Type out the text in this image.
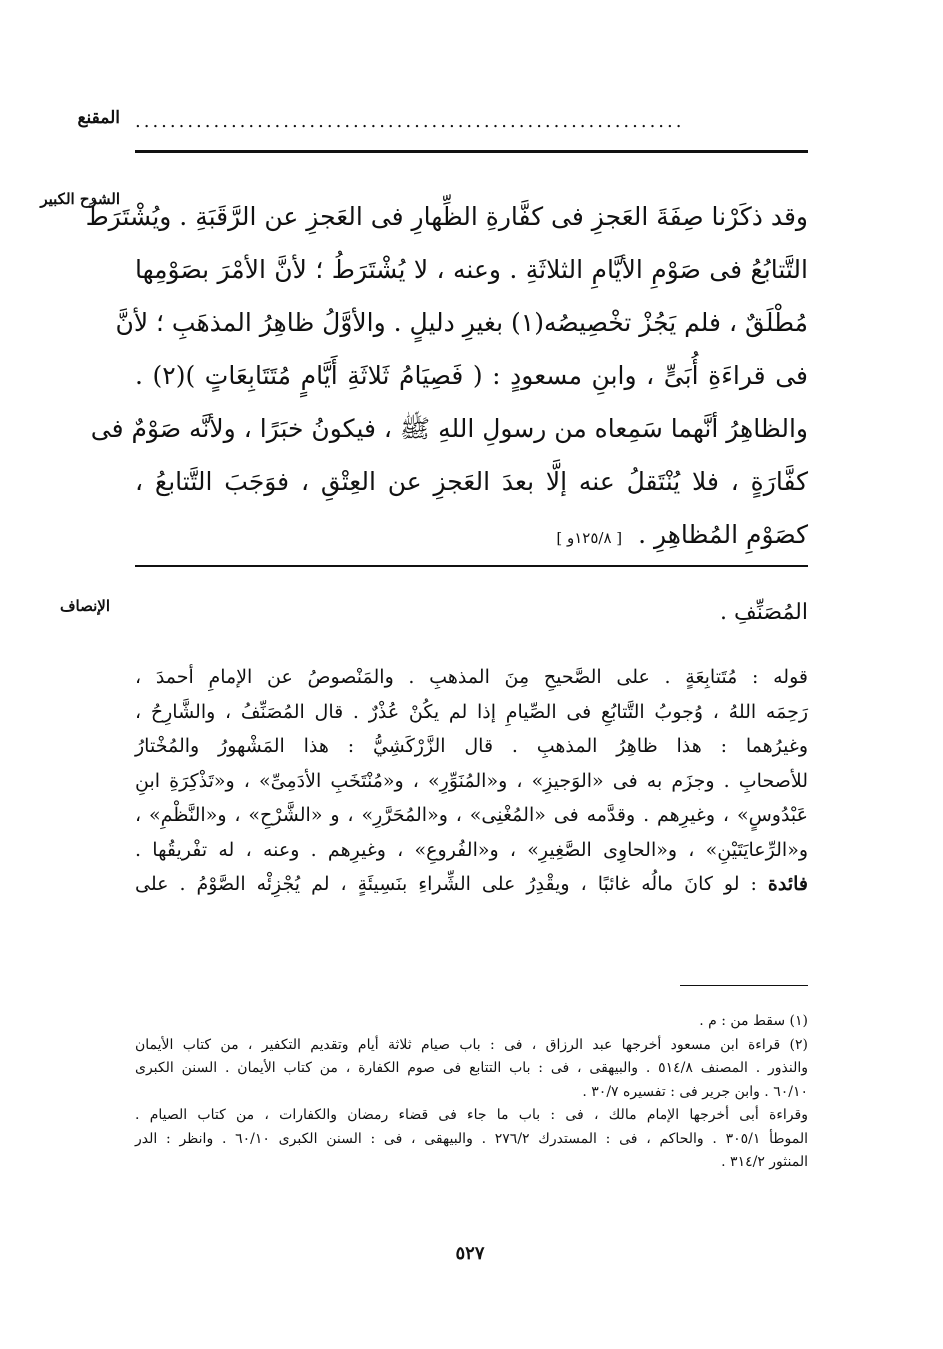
المقنع ...............................................................
الشرح الكبير
وقد ذكَرْنا صِفَةَ العَجزِ فى كفَّارةِ الظِّهارِ فى العَجزِ عن الرَّقَبَةِ . ويُشْتَرَطُ
التَّتابُعُ فى صَوْمِ الأيَّامِ الثلاثَةِ . وعنه ، لا يُشْتَرَطُ ؛ لأنَّ الأمْرَ بصَوْمِها
مُطْلَقٌ ، فلم يَجُزْ تخْصِيصُه(١) بغيرِ دليلٍ . والأوَّلُ ظاهِرُ المذهَبِ ؛ لأنَّ
فى قراءَةِ أُبَىٍّ ، وابنِ مسعودٍ : ( فَصِيَامُ ثَلاثَةِ أَيَّامٍ مُتَتَابِعَاتٍ )(٢) .
والظاهِرُ أنَّهما سَمِعاه من رسولِ اللهِ ﷺ ، فيكونُ خبَرًا ، ولأنَّه صَوْمٌ فى
كفَّارَةٍ ، فلا يُنْتَقلُ عنه إلَّا بعدَ العَجزِ عن العِتْقِ ، فوَجَبَ التَّتابعُ ،
كصَوْمِ المُظاهِرِ .  [ ١٢٥/٨و ]
الإنصاف	المُصَنِّفِ .
قوله : مُتَتابِعَةٍ . على الصَّحيحِ مِنَ المذهبِ . والمَنْصوصُ عن الإمامِ أحمدَ ،
رَحِمَه اللهُ ، وُجوبُ التَّتابُعِ فى الصِّيامِ إذا لم يكُنْ عُذْرٌ . قال المُصَنِّفُ ، والشَّارِحُ ،
وغيرُهما : هذا ظاهِرُ المذهبِ . قال الزَّرْكَشِيُّ : هذا المَشْهورُ والمُخْتارُ
للأصحابِ . وجزَم به فى «الوَجيزِ» ، و«المُنَوِّرِ» ، و«مُنْتَخَبِ الأدَمِىِّ» ، و«تَذْكِرَةِ ابنِ
عَبْدُوسٍ» ، وغيرِهم . وقدَّمه فى «المُغْنِى» ، و«المُحَرَّرِ» ، و «الشَّرْحِ» ، و«النَّظْمِ» ،
و«الرِّعايَتَيْنِ» ، و«الحاوِى الصَّغِيرِ» ، و«الفُروعِ» ، وغيرِهم . وعنه ، له تفْريقُها .
فائدة : لو كانَ مالُه غائبًا ، ويقْدِرُ على الشِّراءِ بنَسِيئَةٍ ، لم يُجْزِئْه الصَّوْمُ . على
(١) سقط من : م .
(٢) قراءة ابن مسعود أخرجها عبد الرزاق ، فى : باب صيام ثلاثة أيام وتقديم التكفير ، من كتاب الأيمان
والنذور . المصنف ٥١٤/٨ . والبيهقى ، فى : باب التتابع فى صوم الكفارة ، من كتاب الأيمان . السنن الكبرى
٦٠/١٠ . وابن جرير فى : تفسيره ٣٠/٧ .
وقراءة أبى أخرجها الإمام مالك ، فى : باب ما جاء فى قضاء رمضان والكفارات ، من كتاب الصيام .
الموطأ ٣٠٥/١ . والحاكم ، فى : المستدرك ٢٧٦/٢ . والبيهقى ، فى : السنن الكبرى ٦٠/١٠ . وانظر : الدر
المنثور ٣١٤/٢ .
٥٢٧
